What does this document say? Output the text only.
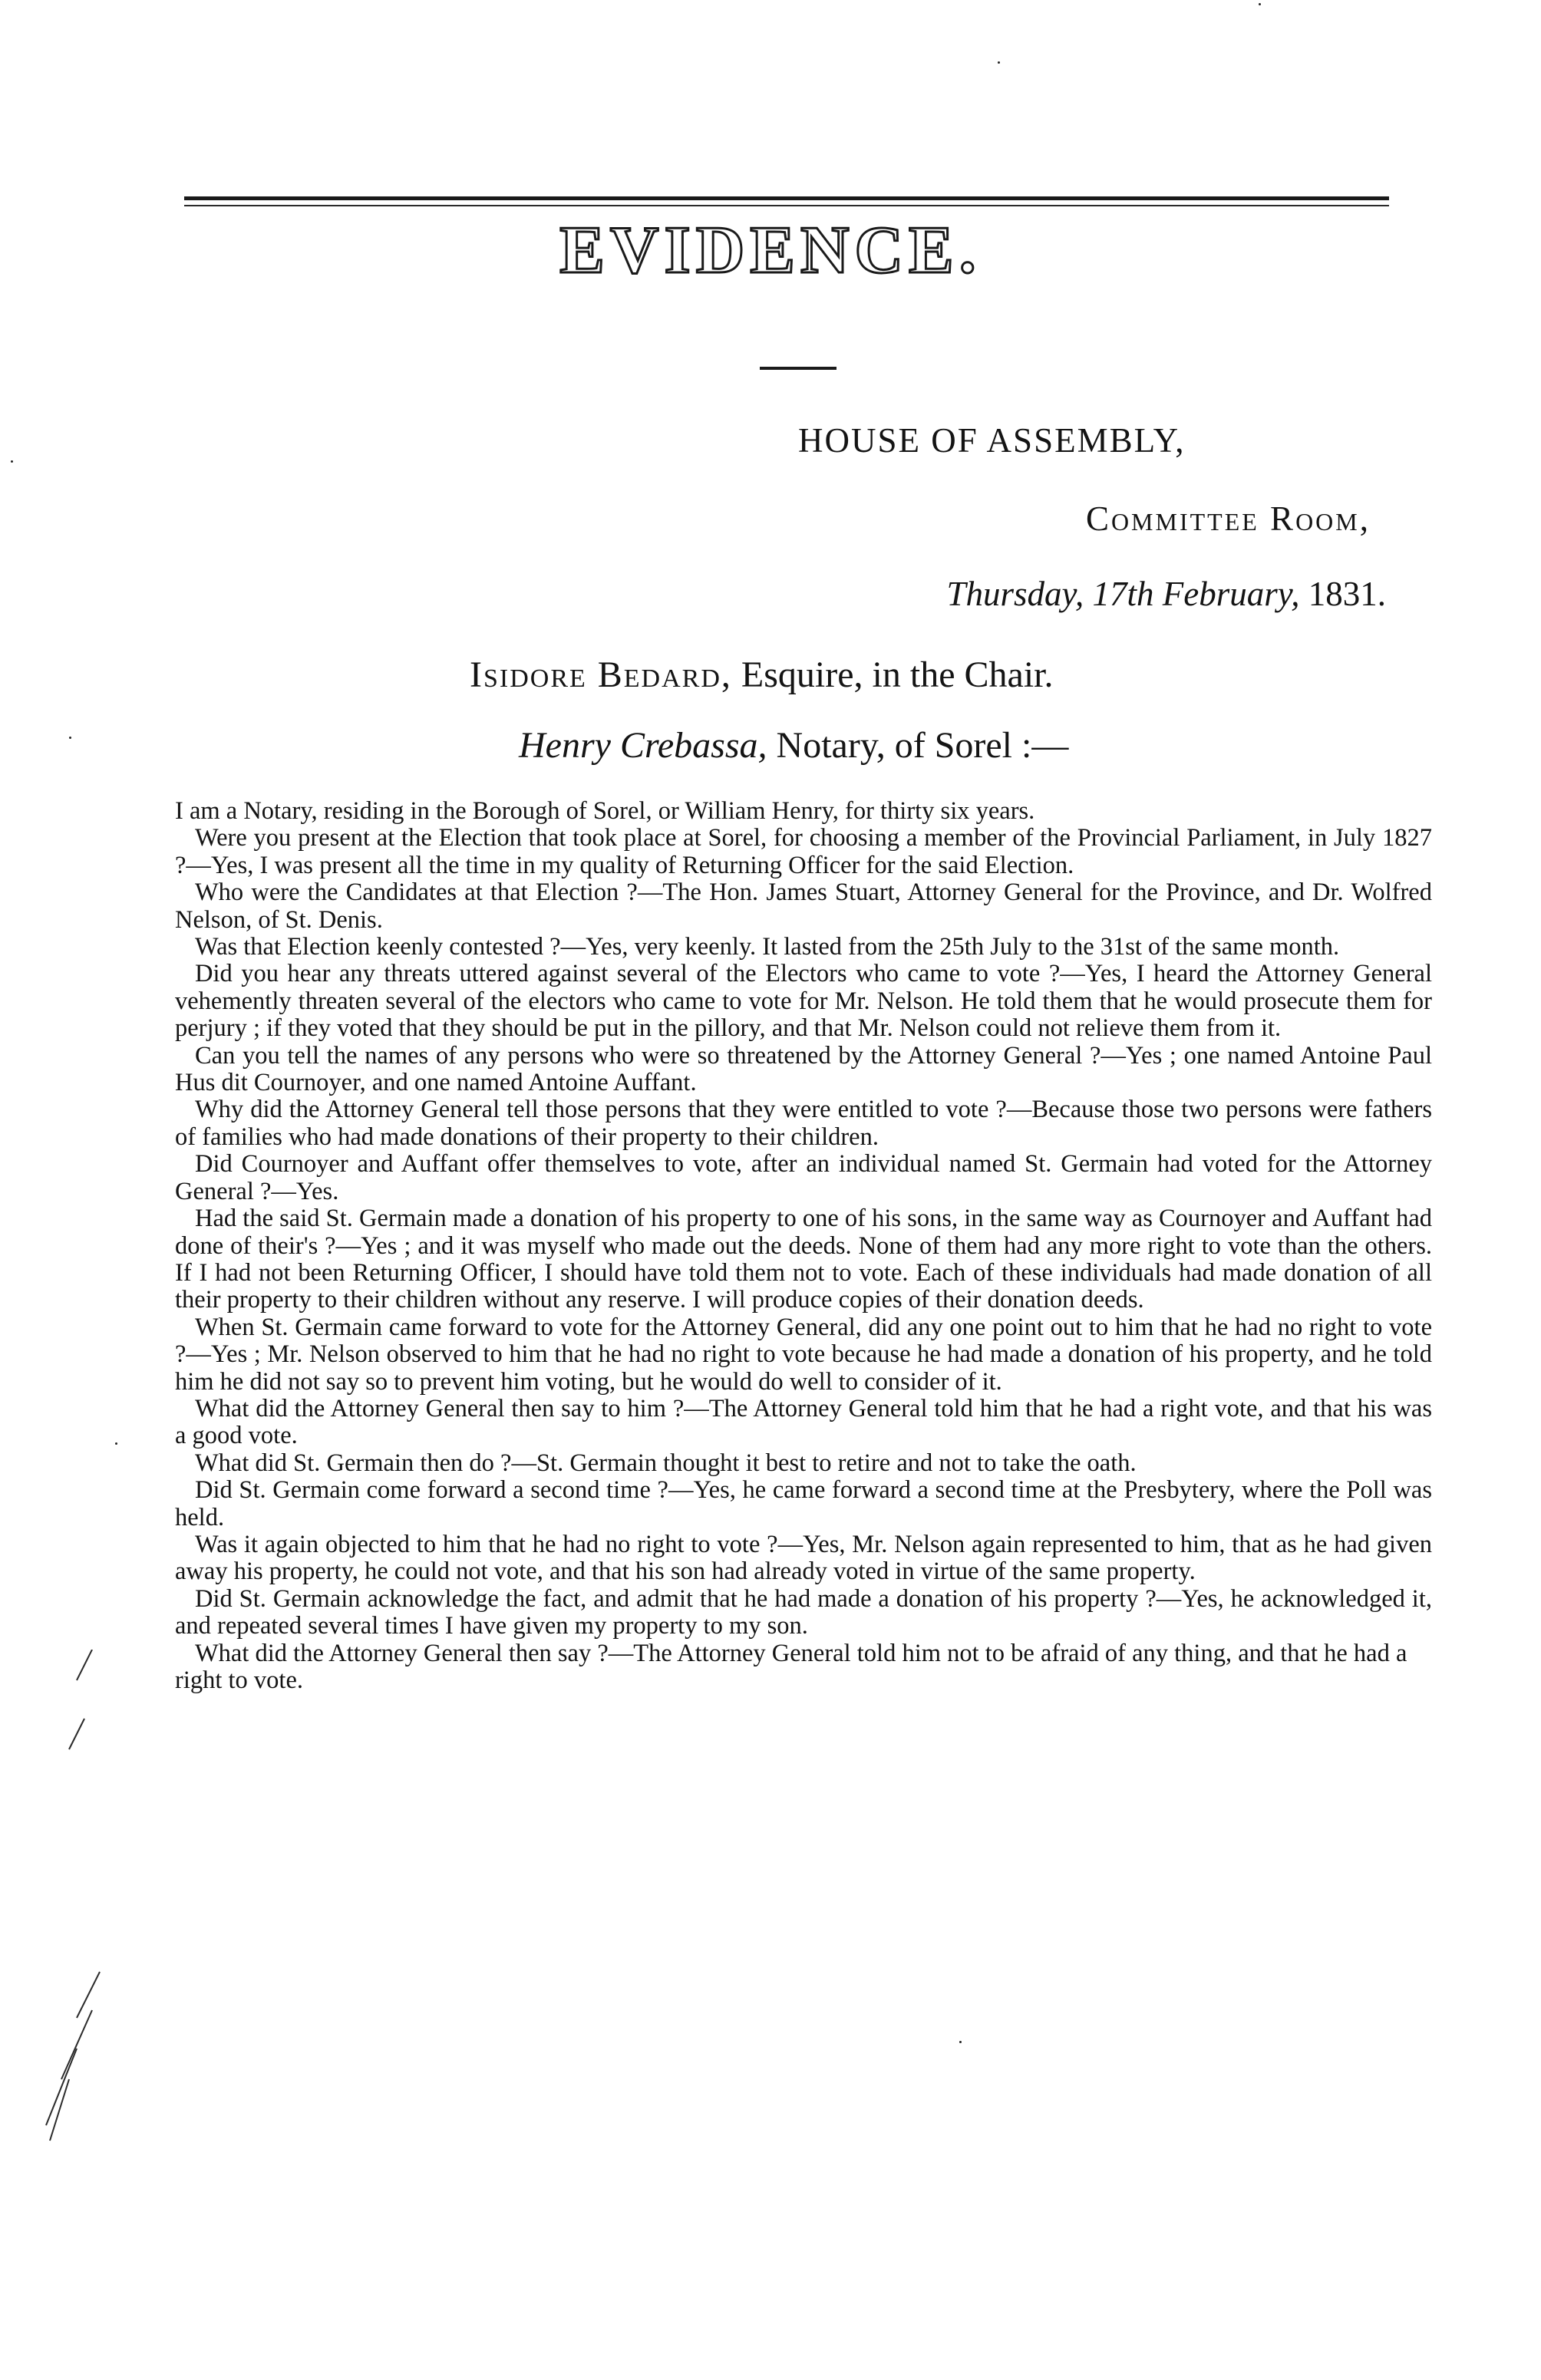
EVIDENCE.
HOUSE OF ASSEMBLY,
Committee Room,
Thursday, 17th February, 1831.
Isidore Bedard, Esquire, in the Chair.
Henry Crebassa, Notary, of Sorel :—

I am a Notary, residing in the Borough of Sorel, or William Henry, for thirty six years.

Were you present at the Election that took place at Sorel, for choosing a member of the Provincial Parliament, in July 1827 ?—Yes, I was present all the time in my quality of Returning Officer for the said Election.

Who were the Candidates at that Election ?—The Hon. James Stuart, Attorney General for the Province, and Dr. Wolfred Nelson, of St. Denis.

Was that Election keenly contested ?—Yes, very keenly. It lasted from the 25th July to the 31st of the same month.

Did you hear any threats uttered against several of the Electors who came to vote ?—Yes, I heard the Attorney General vehemently threaten several of the electors who came to vote for Mr. Nelson. He told them that he would prosecute them for perjury ; if they voted that they should be put in the pillory, and that Mr. Nelson could not relieve them from it.

Can you tell the names of any persons who were so threatened by the Attorney General ?—Yes ; one named Antoine Paul Hus dit Cournoyer, and one named Antoine Auffant.

Why did the Attorney General tell those persons that they were entitled to vote ?—Because those two persons were fathers of families who had made donations of their property to their children.

Did Cournoyer and Auffant offer themselves to vote, after an individual named St. Germain had voted for the Attorney General ?—Yes.

Had the said St. Germain made a donation of his property to one of his sons, in the same way as Cournoyer and Auffant had done of their's ?—Yes ; and it was myself who made out the deeds. None of them had any more right to vote than the others. If I had not been Returning Officer, I should have told them not to vote. Each of these individuals had made donation of all their property to their children without any reserve. I will produce copies of their donation deeds.

When St. Germain came forward to vote for the Attorney General, did any one point out to him that he had no right to vote ?—Yes ; Mr. Nelson observed to him that he had no right to vote because he had made a donation of his property, and he told him he did not say so to prevent him voting, but he would do well to consider of it.

What did the Attorney General then say to him ?—The Attorney General told him that he had a right vote, and that his was a good vote.

What did St. Germain then do ?—St. Germain thought it best to retire and not to take the oath.

Did St. Germain come forward a second time ?—Yes, he came forward a second time at the Presbytery, where the Poll was held.

Was it again objected to him that he had no right to vote ?—Yes, Mr. Nelson again represented to him, that as he had given away his property, he could not vote, and that his son had already voted in virtue of the same property.

Did St. Germain acknowledge the fact, and admit that he had made a donation of his property ?—Yes, he acknowledged it, and repeated several times I have given my property to my son.

What did the Attorney General then say ?—The Attorney General told him not to be afraid of any thing, and that he had a right to vote.
